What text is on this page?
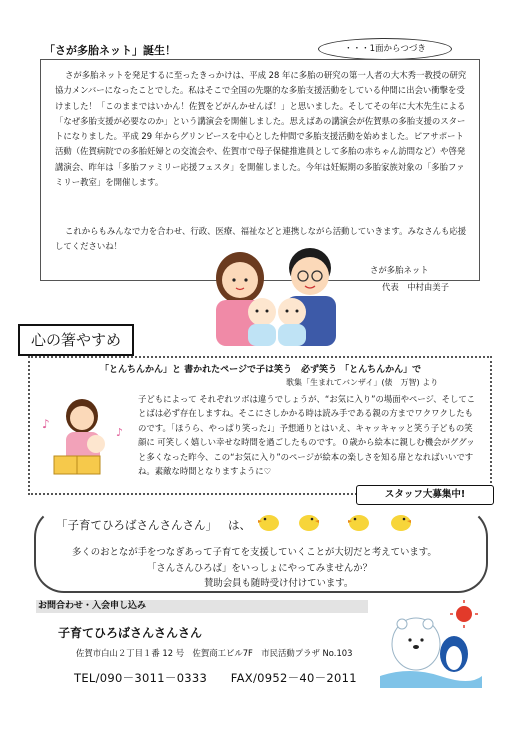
「さが多胎ネット」誕生！	・・・1面からつづき

さが多胎ネットを発足するに至ったきっかけは、平成 28 年に多胎の研究の第一人者の大木秀一教授の研究協力メンバーになったことでした。私はそこで全国の先駆的な多胎支援活動をしている仲間に出会い衝撃を受けました！「このままではいかん！佐賀をどがんかせんば！」と思いました。そしてその年に大木先生による「なぜ多胎支援が必要なのか」という講演会を開催しました。思えばあの講演会が佐賀県の多胎支援のスタートになりました。平成 29 年からグリンピースを中心とした仲間で多胎支援活動を始めました。ピアサポート活動（佐賀病院での多胎妊婦との交流会や、佐賀市で母子保健推進員として多胎の赤ちゃん訪問など）や啓発講演会、昨年は「多胎ファミリー応援フェスタ」を開催しました。今年は妊娠期の多胎家族対象の「多胎ファミリー教室」を開催します。

これからもみんなで力を合わせ、行政、医療、福祉などと連携しながら活動していきます。みなさんも応援してくださいね！

さが多胎ネット
代表　中村由美子
心の箸やすめ
「とんちんかん」と 書かれたページで子は笑う　必ず笑う 「とんちんかん」で
歌集「生まれてバンザイ」(俵　万智) より
♪
♪

子どもによって それぞれツボは違うでしょうが、“お気に入り”の場面やページ、そしてことばは必ず存在しますね。そこにさしかかる時は読み手である親の方までワクワクしたものです。「ほうら、やっぱり笑った♩」予想通りとはいえ、キャッキャッと笑う子どもの笑顔に 可笑しく嬉しい幸せな時間を過ごしたものです。０歳から絵本に親しむ機会がググッと多くなった昨今、この“お気に入り”のページが絵本の楽しさを知る扉となればいいですね。素敵な時間となりますように♡

スタッフ大募集中!
「子育てひろばさんさんさん」 は、
多くのおとなが手をつなぎあって子育てを支援していくことが大切だと考えています。
「さんさんひろば」をいっしょにやってみませんか？
賛助会員も随時受け付けています。
お問合わせ・入会申し込み
子育てひろばさんさんさん
佐賀市白山２丁目１番 12 号　佐賀商工ビル7F　市民活動プラザ No.103
TEL/090－3011－0333　　FAX/0952－40－2011
